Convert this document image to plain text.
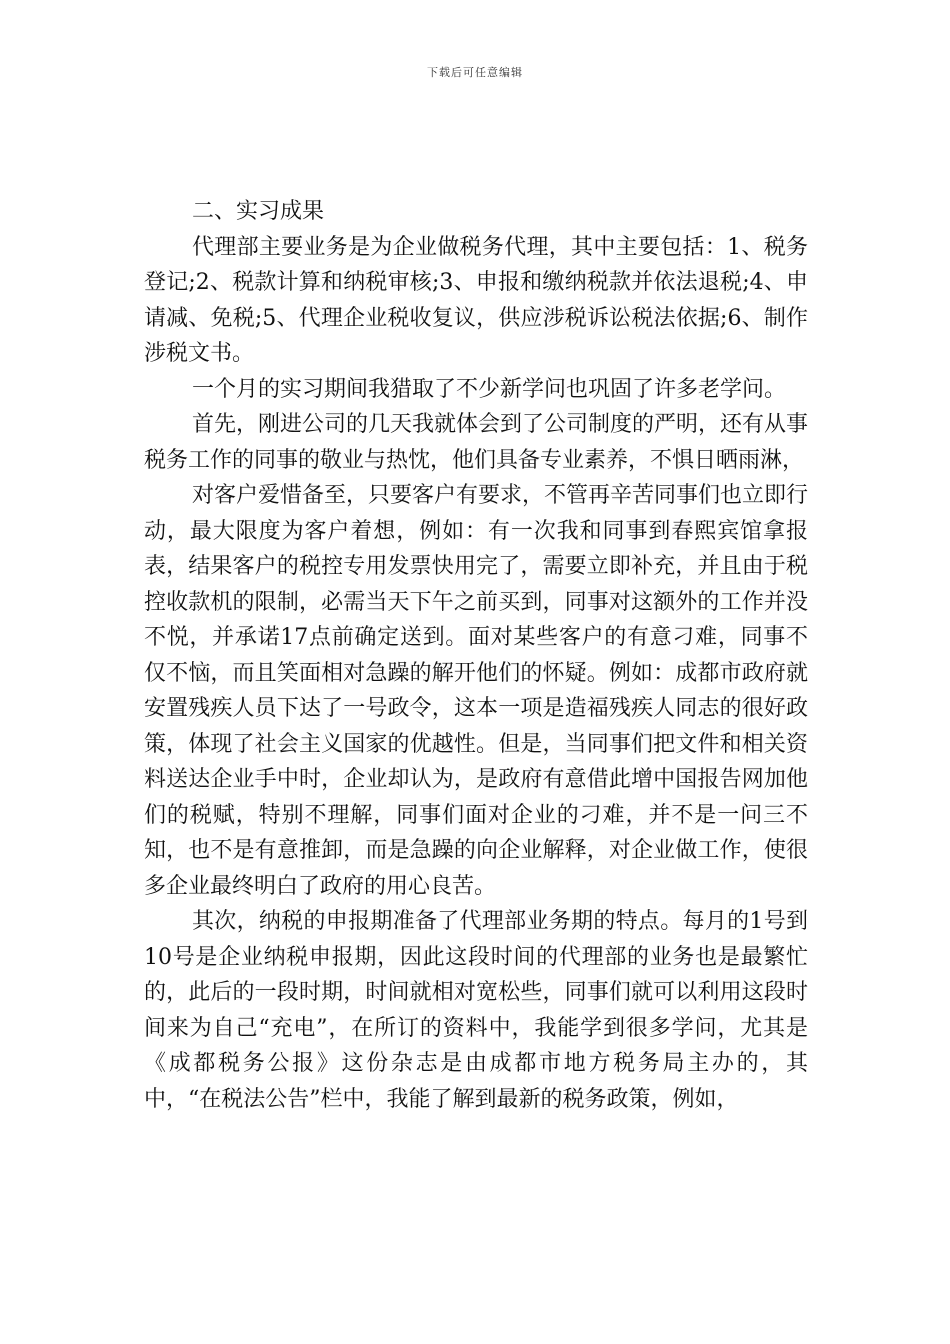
下载后可任意编辑

二、实习成果

代理部主要业务是为企业做税务代理，其中主要包括：1、税务登记;2、税款计算和纳税审核;3、申报和缴纳税款并依法退税;4、申请减、免税;5、代理企业税收复议，供应涉税诉讼税法依据;6、制作涉税文书。

一个月的实习期间我猎取了不少新学问也巩固了许多老学问。

首先，刚进公司的几天我就体会到了公司制度的严明，还有从事税务工作的同事的敬业与热忱，他们具备专业素养，不惧日晒雨淋，

对客户爱惜备至，只要客户有要求，不管再辛苦同事们也立即行动，最大限度为客户着想，例如：有一次我和同事到春熙宾馆拿报表，结果客户的税控专用发票快用完了，需要立即补充，并且由于税控收款机的限制，必需当天下午之前买到，同事对这额外的工作并没不悦，并承诺17点前确定送到。面对某些客户的有意刁难，同事不仅不恼，而且笑面相对急躁的解开他们的怀疑。例如：成都市政府就安置残疾人员下达了一号政令，这本一项是造福残疾人同志的很好政策，体现了社会主义国家的优越性。但是，当同事们把文件和相关资料送达企业手中时，企业却认为，是政府有意借此增中国报告网加他们的税赋，特别不理解，同事们面对企业的刁难，并不是一问三不知，也不是有意推卸，而是急躁的向企业解释，对企业做工作，使很多企业最终明白了政府的用心良苦。

其次，纳税的申报期准备了代理部业务期的特点。每月的1号到10号是企业纳税申报期，因此这段时间的代理部的业务也是最繁忙的，此后的一段时期，时间就相对宽松些，同事们就可以利用这段时间来为自己“充电”，在所订的资料中，我能学到很多学问，尤其是《成都税务公报》这份杂志是由成都市地方税务局主办的，其中，“在税法公告”栏中，我能了解到最新的税务政策，例如，
